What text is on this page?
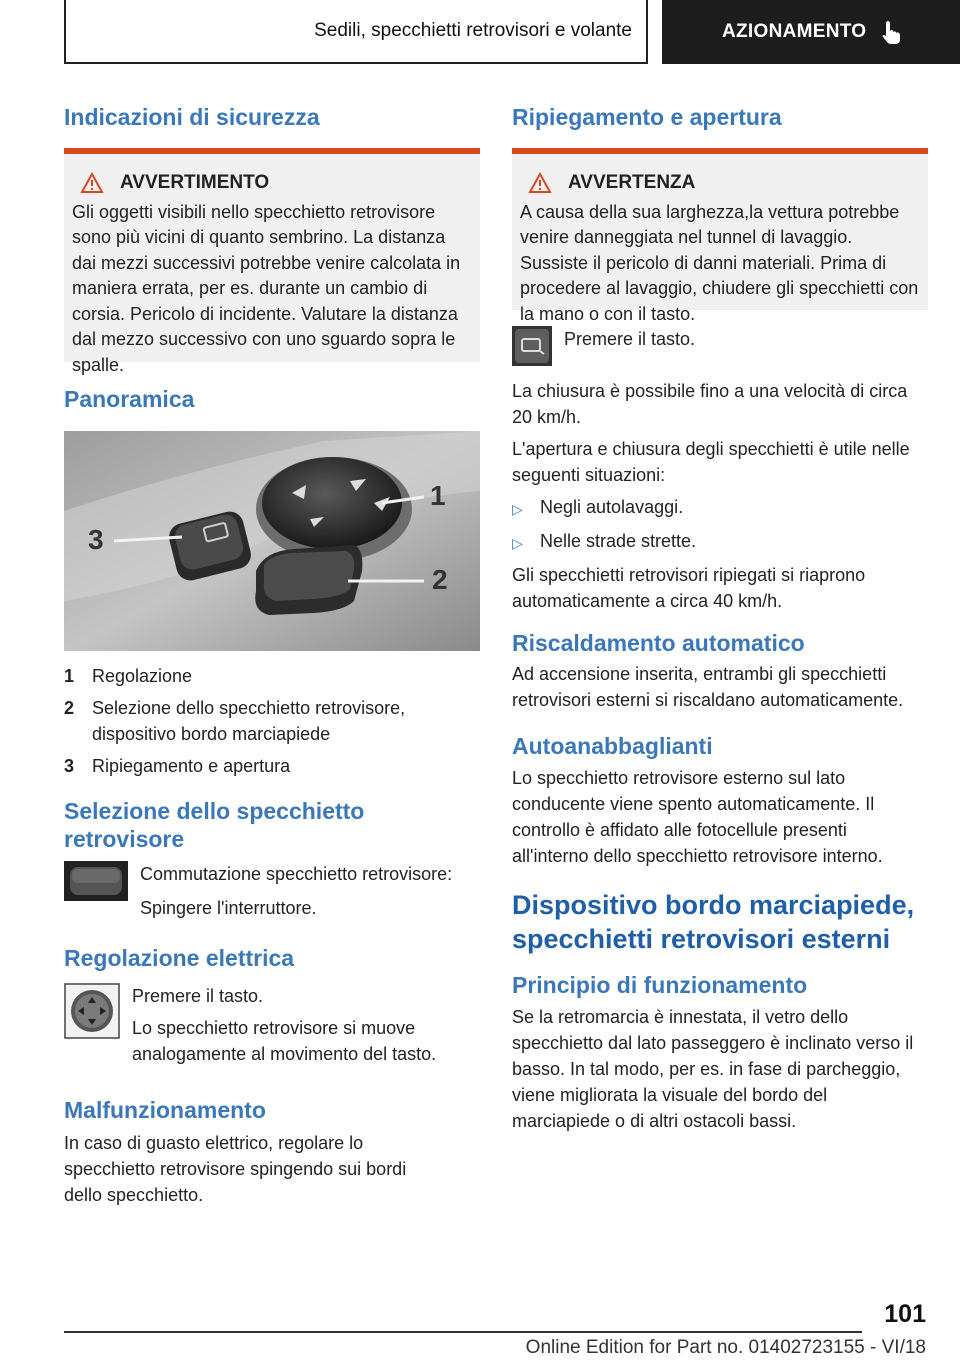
Sedili, specchietti retrovisori e volante	AZIONAMENTO
Indicazioni di sicurezza
AVVERTIMENTO

Gli oggetti visibili nello specchietto retrovisore sono più vicini di quanto sembrino. La distanza dai mezzi successivi potrebbe venire calcolata in maniera errata, per es. durante un cambio di corsia. Pericolo di incidente. Valutare la distanza dal mezzo successivo con uno sguardo sopra le spalle.

Panoramica
3
1
2
1 Regolazione
2 Selezione dello specchietto retrovisore, dispositivo bordo marciapiede
3 Ripiegamento e apertura
Selezione dello specchietto retrovisore

Commutazione specchietto retrovisore:

Spingere l'interruttore.

Regolazione elettrica

Premere il tasto.

Lo specchietto retrovisore si muove analogamente al movimento del tasto.

Malfunzionamento

In caso di guasto elettrico, regolare lo specchietto retrovisore spingendo sui bordi dello specchietto.

Ripiegamento e apertura
AVVERTENZA

A causa della sua larghezza,la vettura potrebbe venire danneggiata nel tunnel di lavaggio. Sussiste il pericolo di danni materiali. Prima di procedere al lavaggio, chiudere gli specchietti con la mano o con il tasto.

Premere il tasto.

La chiusura è possibile fino a una velocità di circa 20 km/h.

L'apertura e chiusura degli specchietti è utile nelle seguenti situazioni:

▷ Negli autolavaggi.
▷ Nelle strade strette.

Gli specchietti retrovisori ripiegati si riaprono automaticamente a circa 40 km/h.

Riscaldamento automatico

Ad accensione inserita, entrambi gli specchietti retrovisori esterni si riscaldano automaticamente.

Autoanabbaglianti

Lo specchietto retrovisore esterno sul lato conducente viene spento automaticamente. Il controllo è affidato alle fotocellule presenti all'interno dello specchietto retrovisore interno.

Dispositivo bordo marciapiede, specchietti retrovisori esterni
Principio di funzionamento

Se la retromarcia è innestata, il vetro dello specchietto dal lato passeggero è inclinato verso il basso. In tal modo, per es. in fase di parcheggio, viene migliorata la visuale del bordo del marciapiede o di altri ostacoli bassi.

101
Online Edition for Part no. 01402723155 - VI/18
